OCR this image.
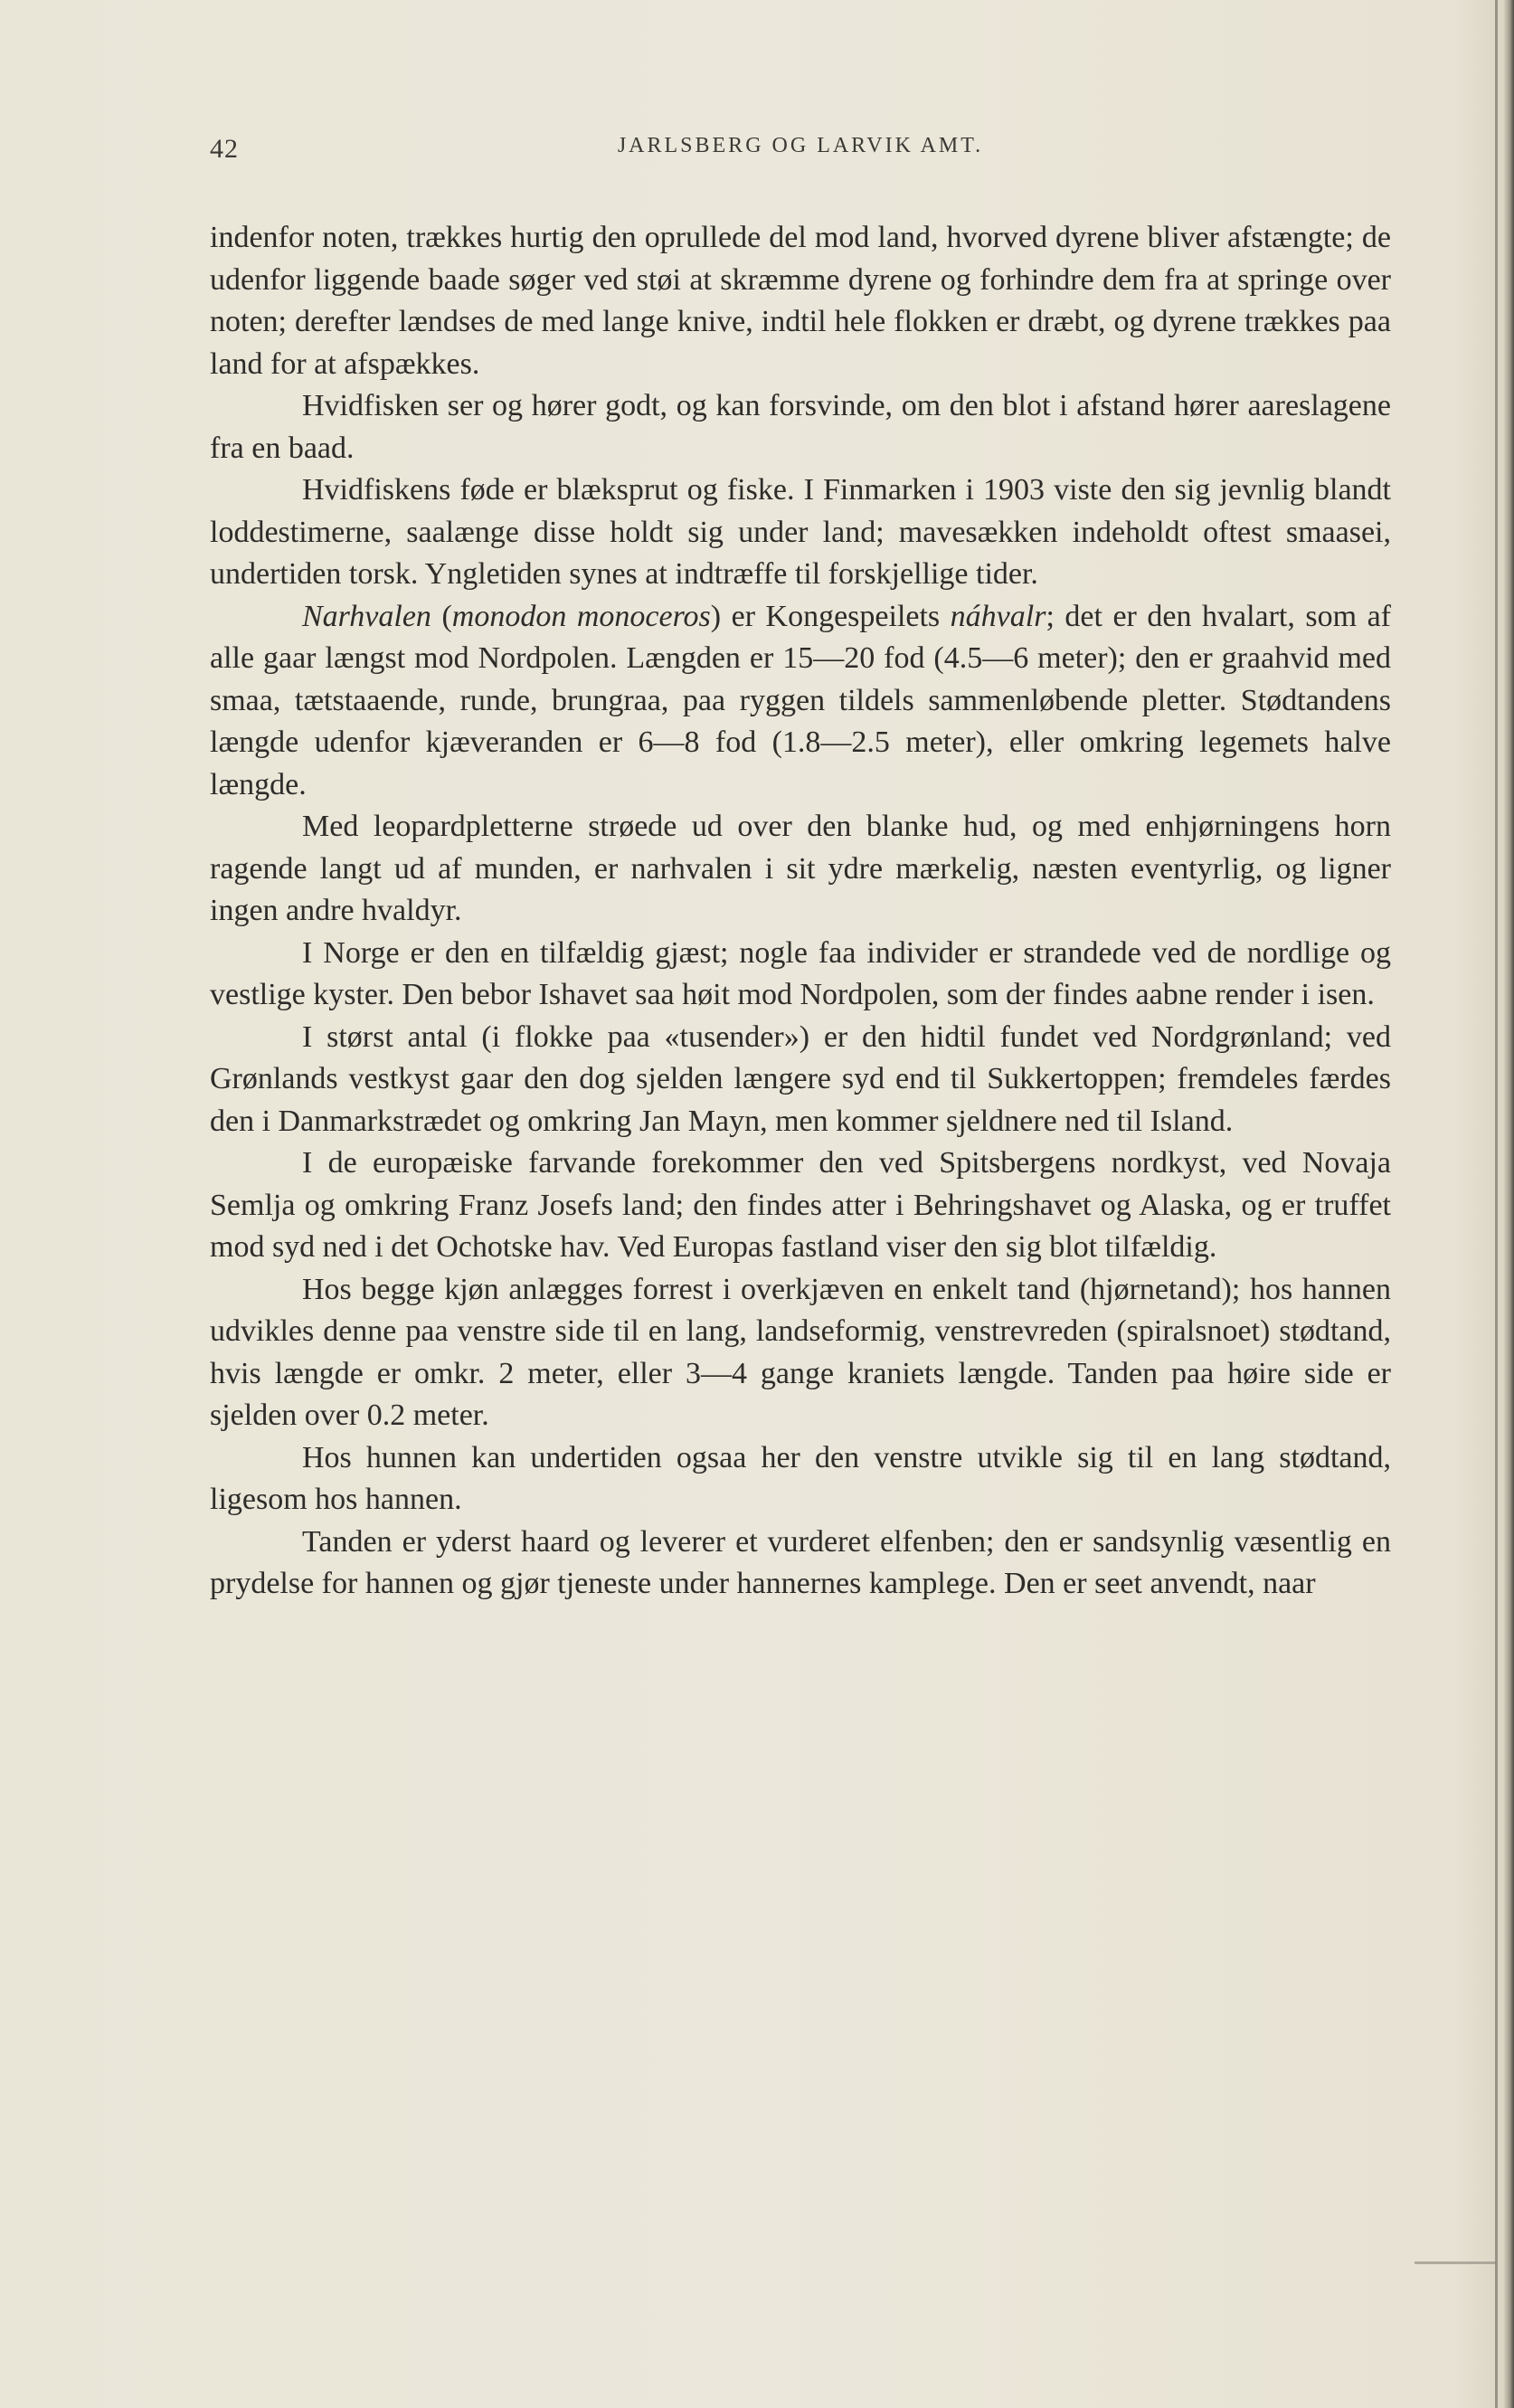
42	JARLSBERG OG LARVIK AMT.

indenfor noten, trækkes hurtig den oprullede del mod land, hvorved dyrene bliver afstængte; de udenfor liggende baade søger ved støi at skræmme dyrene og forhindre dem fra at springe over noten; derefter lændses de med lange knive, indtil hele flokken er dræbt, og dyrene trækkes paa land for at afspækkes.

Hvidfisken ser og hører godt, og kan forsvinde, om den blot i afstand hører aareslagene fra en baad.

Hvidfiskens føde er blæksprut og fiske. I Finmarken i 1903 viste den sig jevnlig blandt loddestimerne, saalænge disse holdt sig under land; mavesækken indeholdt oftest smaasei, undertiden torsk. Yngletiden synes at indtræffe til forskjellige tider.

Narhvalen (monodon monoceros) er Kongespeilets náhvalr; det er den hvalart, som af alle gaar længst mod Nordpolen. Længden er 15—20 fod (4.5—6 meter); den er graahvid med smaa, tætstaaende, runde, brungraa, paa ryggen tildels sammenløbende pletter. Stødtandens længde udenfor kjæveranden er 6—8 fod (1.8—2.5 meter), eller omkring legemets halve længde.

Med leopardpletterne strøede ud over den blanke hud, og med enhjørningens horn ragende langt ud af munden, er narhvalen i sit ydre mærkelig, næsten eventyrlig, og ligner ingen andre hvaldyr.

I Norge er den en tilfældig gjæst; nogle faa individer er strandede ved de nordlige og vestlige kyster. Den bebor Ishavet saa høit mod Nordpolen, som der findes aabne render i isen.

I størst antal (i flokke paa «tusender») er den hidtil fundet ved Nordgrønland; ved Grønlands vestkyst gaar den dog sjelden længere syd end til Sukkertoppen; fremdeles færdes den i Danmarkstrædet og omkring Jan Mayn, men kommer sjeldnere ned til Island.

I de europæiske farvande forekommer den ved Spitsbergens nordkyst, ved Novaja Semlja og omkring Franz Josefs land; den findes atter i Behringshavet og Alaska, og er truffet mod syd ned i det Ochotske hav. Ved Europas fastland viser den sig blot tilfældig.

Hos begge kjøn anlægges forrest i overkjæven en enkelt tand (hjørnetand); hos hannen udvikles denne paa venstre side til en lang, landseformig, venstrevreden (spiralsnoet) stødtand, hvis længde er omkr. 2 meter, eller 3—4 gange kraniets længde. Tanden paa høire side er sjelden over 0.2 meter.

Hos hunnen kan undertiden ogsaa her den venstre utvikle sig til en lang stødtand, ligesom hos hannen.

Tanden er yderst haard og leverer et vurderet elfenben; den er sandsynlig væsentlig en prydelse for hannen og gjør tjeneste under hannernes kamplege. Den er seet anvendt, naar
